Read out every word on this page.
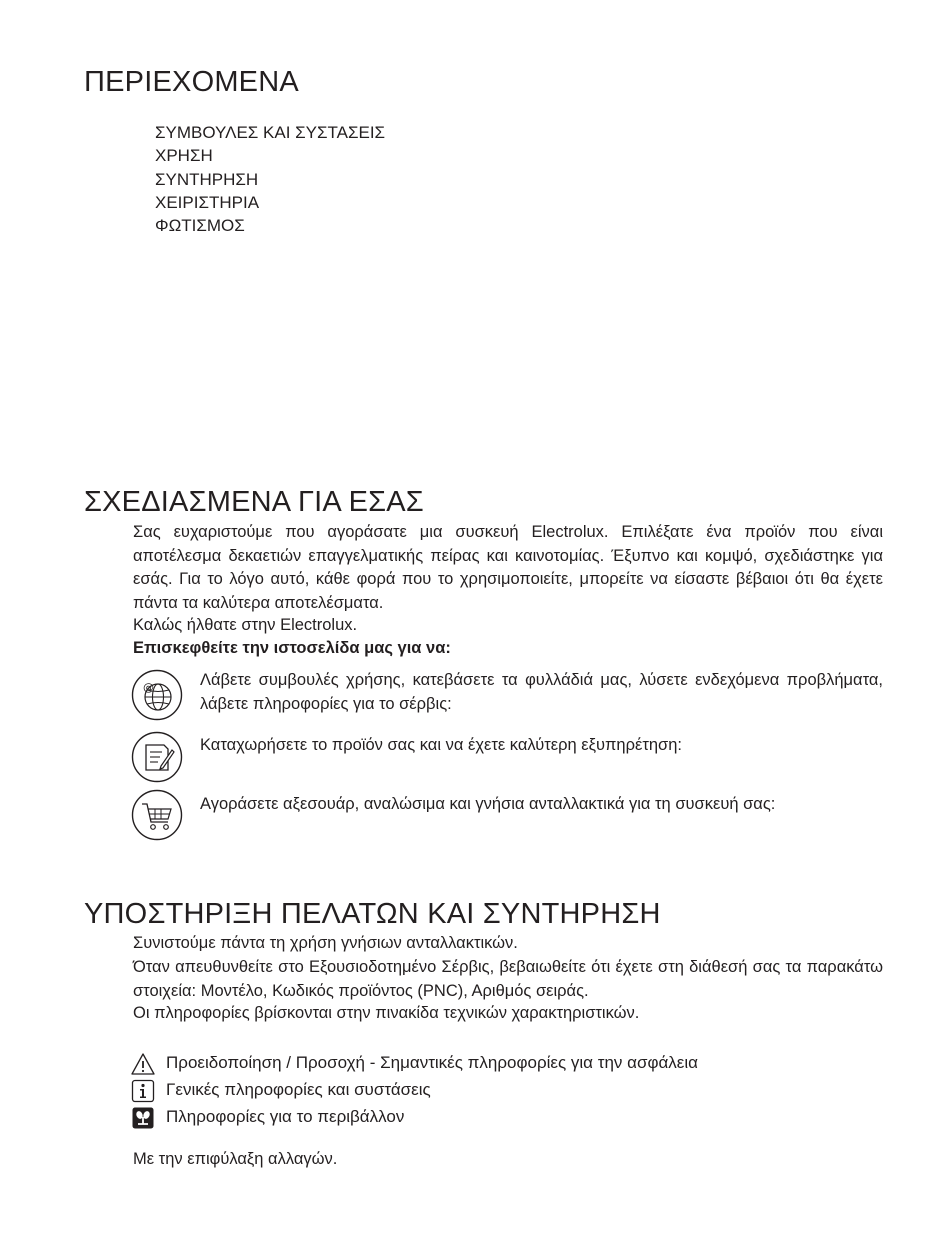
ΠΕΡΙΕΧΟΜΕΝΑ
ΣΥΜΒΟΥΛΕΣ ΚΑΙ ΣΥΣΤΑΣΕΙΣ
ΧΡΗΣΗ
ΣΥΝΤΗΡΗΣΗ
ΧΕΙΡΙΣΤΗΡΙΑ
ΦΩΤΙΣΜΟΣ
ΣΧΕΔΙΑΣΜΕΝΑ ΓΙΑ ΕΣΑΣ

Σας ευχαριστούμε που αγοράσατε μια συσκευή Electrolux. Επιλέξατε ένα προϊόν που είναι αποτέλεσμα δεκαετιών επαγγελματικής πείρας και καινοτομίας. Έξυπνο και κομψό, σχεδιάστηκε για εσάς. Για το λόγο αυτό, κάθε φορά που το χρησιμοποιείτε, μπορείτε να είσαστε βέβαιοι ότι θα έχετε πάντα τα καλύτερα αποτελέσματα.

Καλώς ήλθατε στην Electrolux.

Επισκεφθείτε την ιστοσελίδα μας για να:

@	Λάβετε συμβουλές χρήσης, κατεβάσετε τα φυλλάδιά μας, λύσετε ενδεχόμενα προβλήματα, λάβετε πληροφορίες για το σέρβις:
Καταχωρήσετε το προϊόν σας και να έχετε καλύτερη εξυπηρέτηση:
Αγοράσετε αξεσουάρ, αναλώσιμα και γνήσια ανταλλακτικά για τη συσκευή σας:
ΥΠΟΣΤΗΡΙΞΗ ΠΕΛΑΤΩΝ ΚΑΙ ΣΥΝΤΗΡΗΣΗ

Συνιστούμε πάντα τη χρήση γνήσιων ανταλλακτικών.

Όταν απευθυνθείτε στο Εξουσιοδοτημένο Σέρβις, βεβαιωθείτε ότι έχετε στη διάθεσή σας τα παρακάτω στοιχεία: Μοντέλο, Κωδικός προϊόντος (PNC), Αριθμός σειράς.

Οι πληροφορίες βρίσκονται στην πινακίδα τεχνικών χαρακτηριστικών.

Προειδοποίηση / Προσοχή - Σημαντικές πληροφορίες για την ασφάλεια
Γενικές πληροφορίες και συστάσεις
Πληροφορίες για το περιβάλλον

Με την επιφύλαξη αλλαγών.
